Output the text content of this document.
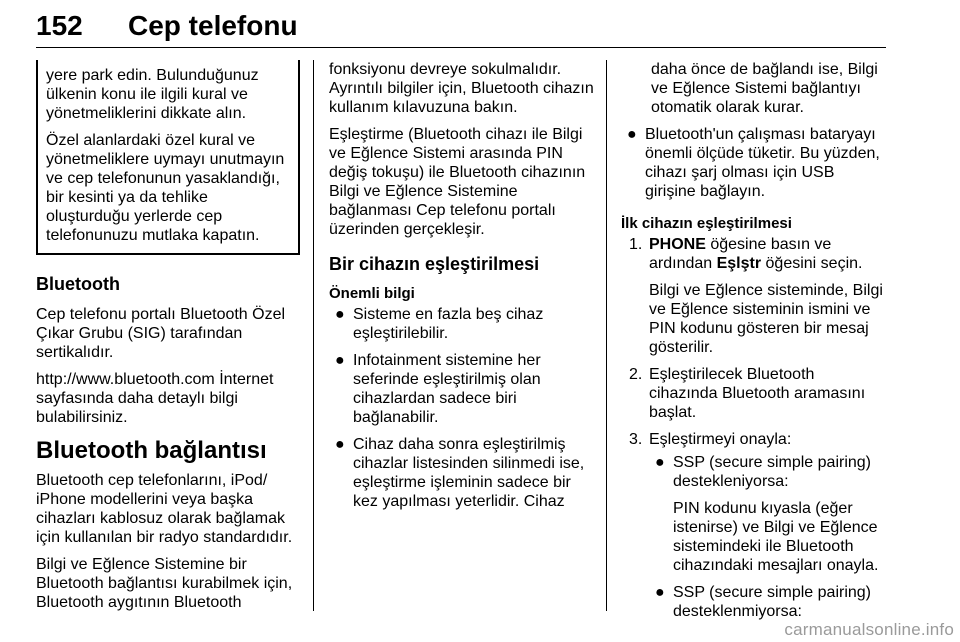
152 Cep telefonu

yere park edin. Bulunduğunuz ülkenin konu ile ilgili kural ve yönetmeliklerini dikkate alın.

Özel alanlardaki özel kural ve yönetmeliklere uymayı unutmayın ve cep telefonunun yasaklandığı, bir kesinti ya da tehlike oluşturduğu yerlerde cep telefonunuzu mutlaka kapatın.

Bluetooth

Cep telefonu portalı Bluetooth Özel Çıkar Grubu (SIG) tarafından sertikalıdır.

http://www.bluetooth.com İnternet sayfasında daha detaylı bilgi bulabilirsiniz.

Bluetooth bağlantısı

Bluetooth cep telefonlarını, iPod/ iPhone modellerini veya başka cihazları kablosuz olarak bağlamak için kullanılan bir radyo standardıdır.

Bilgi ve Eğlence Sistemine bir Bluetooth bağlantısı kurabilmek için, Bluetooth aygıtının Bluetooth

fonksiyonu devreye sokulmalıdır. Ayrıntılı bilgiler için, Bluetooth cihazın kullanım kılavuzuna bakın.

Eşleştirme (Bluetooth cihazı ile Bilgi ve Eğlence Sistemi arasında PIN değiş tokuşu) ile Bluetooth cihazının Bilgi ve Eğlence Sistemine bağlanması Cep telefonu portalı üzerinden gerçekleşir.

Bir cihazın eşleştirilmesi
Önemli bilgi
● Sisteme en fazla beş cihaz eşleştirilebilir.
● Infotainment sistemine her seferinde eşleştirilmiş olan cihazlardan sadece biri bağlanabilir.
● Cihaz daha sonra eşleştirilmiş cihazlar listesinden silinmedi ise, eşleştirme işleminin sadece bir kez yapılması yeterlidir. Cihaz

daha önce de bağlandı ise, Bilgi ve Eğlence Sistemi bağlantıyı otomatik olarak kurar.

● Bluetooth'un çalışması bataryayı önemli ölçüde tüketir. Bu yüzden, cihazı şarj olması için USB girişine bağlayın.
İlk cihazın eşleştirilmesi
1. PHONE öğesine basın ve ardından Eşlştr öğesini seçin.

Bilgi ve Eğlence sisteminde, Bilgi ve Eğlence sisteminin ismini ve PIN kodunu gösteren bir mesaj gösterilir.

2. Eşleştirilecek Bluetooth cihazında Bluetooth aramasını başlat.

3. Eşleştirmeyi onayla:

● SSP (secure simple pairing) destekleniyorsa:

PIN kodunu kıyasla (eğer istenirse) ve Bilgi ve Eğlence sistemindeki ile Bluetooth cihazındaki mesajları onayla.

● SSP (secure simple pairing) desteklenmiyorsa:

carmanualsonline.info
